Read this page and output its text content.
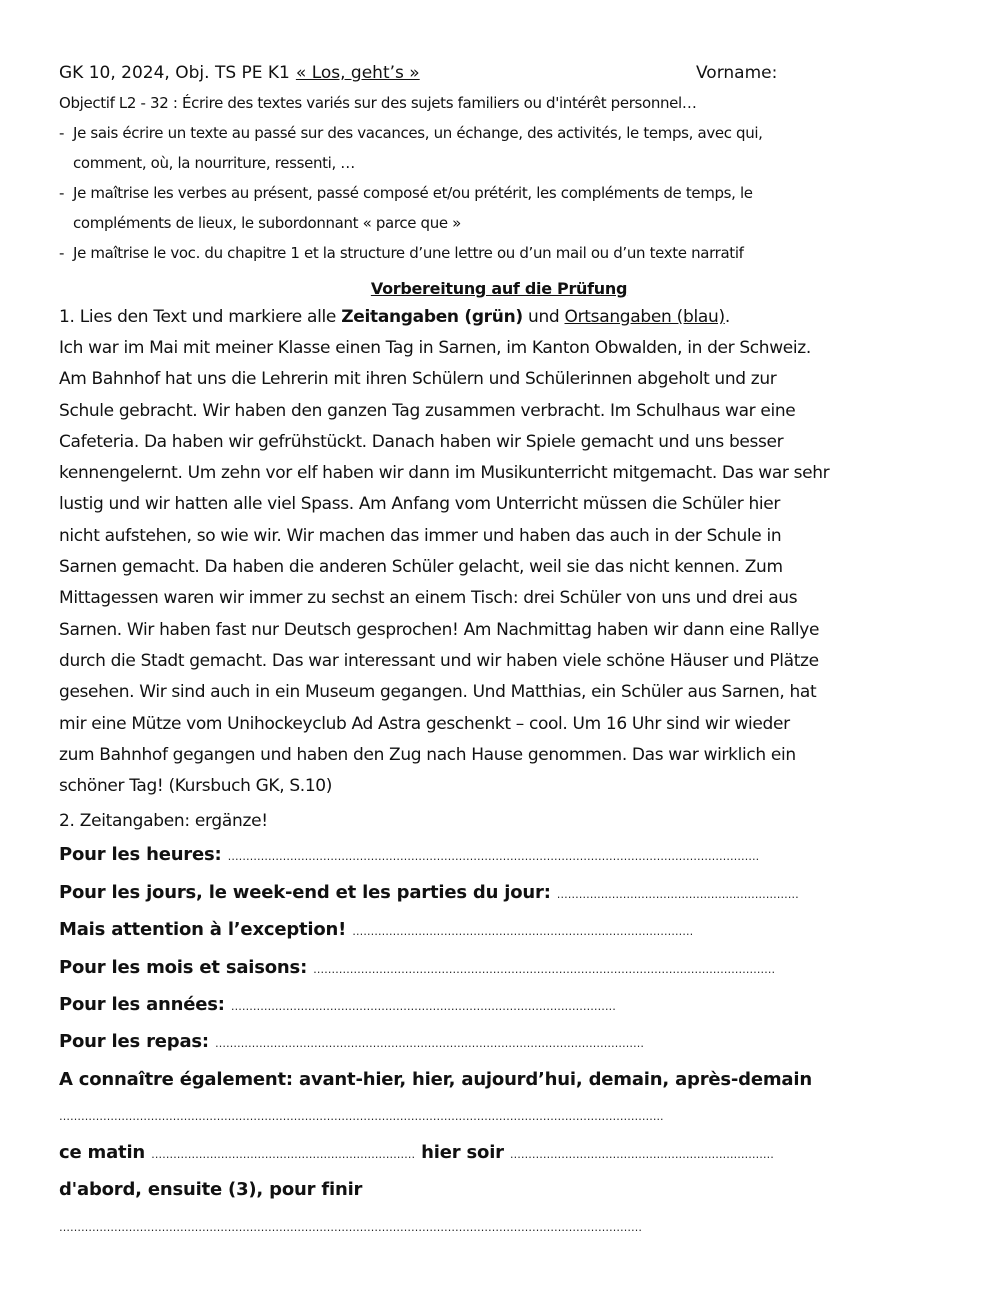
GK 10, 2024, Obj. TS PE K1 « Los, geht’s »	Vorname:
Objectif L2 - 32 : Écrire des textes variés sur des sujets familiers ou d'intérêt personnel…
- Je sais écrire un texte au passé sur des vacances, un échange, des activités, le temps, avec qui,
comment, où, la nourriture, ressenti, …
- Je maîtrise les verbes au présent, passé composé et/ou prétérit, les compléments de temps, le
compléments de lieux, le subordonnant « parce que »
- Je maîtrise le voc. du chapitre 1 et la structure d’une lettre ou d’un mail ou d’un texte narratif
Vorbereitung auf die Prüfung
1. Lies den Text und markiere alle Zeitangaben (grün) und Ortsangaben (blau).
Ich war im Mai mit meiner Klasse einen Tag in Sarnen, im Kanton Obwalden, in der Schweiz.
Am Bahnhof hat uns die Lehrerin mit ihren Schülern und Schülerinnen abgeholt und zur
Schule gebracht. Wir haben den ganzen Tag zusammen verbracht. Im Schulhaus war eine
Cafeteria. Da haben wir gefrühstückt. Danach haben wir Spiele gemacht und uns besser
kennengelernt. Um zehn vor elf haben wir dann im Musikunterricht mitgemacht. Das war sehr
lustig und wir hatten alle viel Spass. Am Anfang vom Unterricht müssen die Schüler hier
nicht aufstehen, so wie wir. Wir machen das immer und haben das auch in der Schule in
Sarnen gemacht. Da haben die anderen Schüler gelacht, weil sie das nicht kennen. Zum
Mittagessen waren wir immer zu sechst an einem Tisch: drei Schüler von uns und drei aus
Sarnen. Wir haben fast nur Deutsch gesprochen! Am Nachmittag haben wir dann eine Rallye
durch die Stadt gemacht. Das war interessant und wir haben viele schöne Häuser und Plätze
gesehen. Wir sind auch in ein Museum gegangen. Und Matthias, ein Schüler aus Sarnen, hat
mir eine Mütze vom Unihockeyclub Ad Astra geschenkt – cool. Um 16 Uhr sind wir wieder
zum Bahnhof gegangen und haben den Zug nach Hause genommen. Das war wirklich ein
schöner Tag! (Kursbuch GK, S.10)
2. Zeitangaben: ergänze!
Pour les heures: ……………………………………………………………………………………………………………………………….
Pour les jours, le week-end et les parties du jour: …………………………………………………………
Mais attention à l’exception! …………………………………………………………………………………
Pour les mois et saisons: ………………………………………………………………………………………………………………
Pour les années: ……………………………………………………………………………………………
Pour les repas: ………………………………………………………………………………………………………
A connaître également: avant-hier, hier, aujourd’hui, demain, après-demain
……………………………………………………………………………….………………………………………………………………..
ce matin ……………………………………………………………… hier soir ………………………………………………………………
d'abord, ensuite (3), pour finir
……………………………………………………………………………………………………………………………………………
